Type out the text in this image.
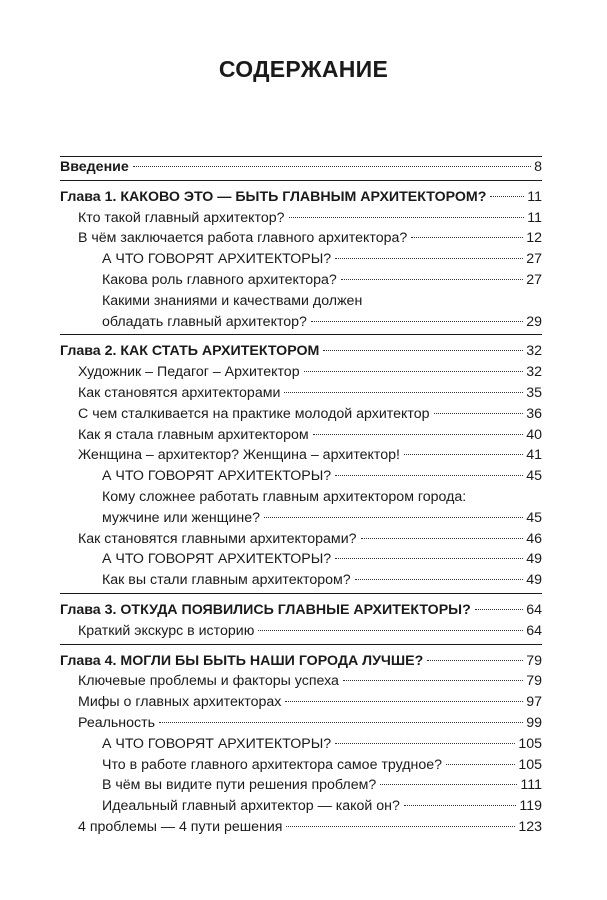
СОДЕРЖАНИЕ
Введение	8
Глава 1. КАКОВО ЭТО — БЫТЬ ГЛАВНЫМ АРХИТЕКТОРОМ?	11
Кто такой главный архитектор?	11
В чём заключается работа главного архитектора?	12
А ЧТО ГОВОРЯТ АРХИТЕКТОРЫ?	27
Какова роль главного архитектора?	27
Какими знаниями и качествами должен
обладать главный архитектор?	29
Глава 2. КАК СТАТЬ АРХИТЕКТОРОМ	32
Художник – Педагог – Архитектор	32
Как становятся архитекторами	35
С чем сталкивается на практике молодой архитектор	36
Как я стала главным архитектором	40
Женщина – архитектор? Женщина – архитектор!	41
А ЧТО ГОВОРЯТ АРХИТЕКТОРЫ?	45
Кому сложнее работать главным архитектором города:
мужчине или женщине?	45
Как становятся главными архитекторами?	46
А ЧТО ГОВОРЯТ АРХИТЕКТОРЫ?	49
Как вы стали главным архитектором?	49
Глава 3. ОТКУДА ПОЯВИЛИСЬ ГЛАВНЫЕ АРХИТЕКТОРЫ?	64
Краткий экскурс в историю	64
Глава 4. МОГЛИ БЫ БЫТЬ НАШИ ГОРОДА ЛУЧШЕ?	79
Ключевые проблемы и факторы успеха	79
Мифы о главных архитекторах	97
Реальность	99
А ЧТО ГОВОРЯТ АРХИТЕКТОРЫ?	105
Что в работе главного архитектора самое трудное?	105
В чём вы видите пути решения проблем?	111
Идеальный главный архитектор — какой он?	119
4 проблемы — 4 пути решения	123
